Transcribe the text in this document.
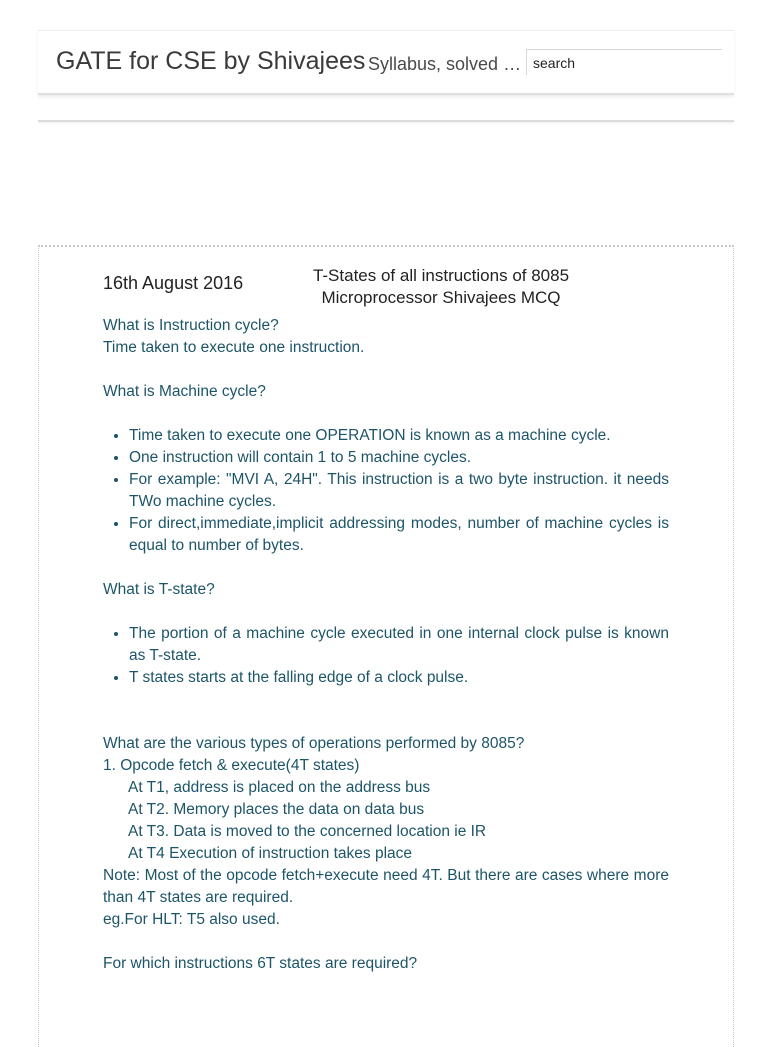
GATE for CSE by Shivajees Syllabus, solved …
search
16th August 2016	T-States of all instructions of 8085 Microprocessor Shivajees MCQ

What is Instruction cycle?

Time taken to execute one instruction.

What is Machine cycle?

• Time taken to execute one OPERATION is known as a machine cycle.
• One instruction will contain 1 to 5 machine cycles.
• For example: "MVI A, 24H". This instruction is a two byte instruction. it needs TWo machine cycles.
• For direct,immediate,implicit addressing modes, number of machine cycles is equal to number of bytes.

What is T-state?

• The portion of a machine cycle executed in one internal clock pulse is known as T-state.
• T states starts at the falling edge of a clock pulse.

What are the various types of operations performed by 8085?

1. Opcode fetch & execute(4T states)

At T1, address is placed on the address bus

At T2. Memory places the data on data bus

At T3. Data is moved to the concerned location ie IR

At T4 Execution of instruction takes place

Note: Most of the opcode fetch+execute need 4T. But there are cases where more than 4T states are required.

eg.For HLT: T5 also used.

For which instructions 6T states are required?
